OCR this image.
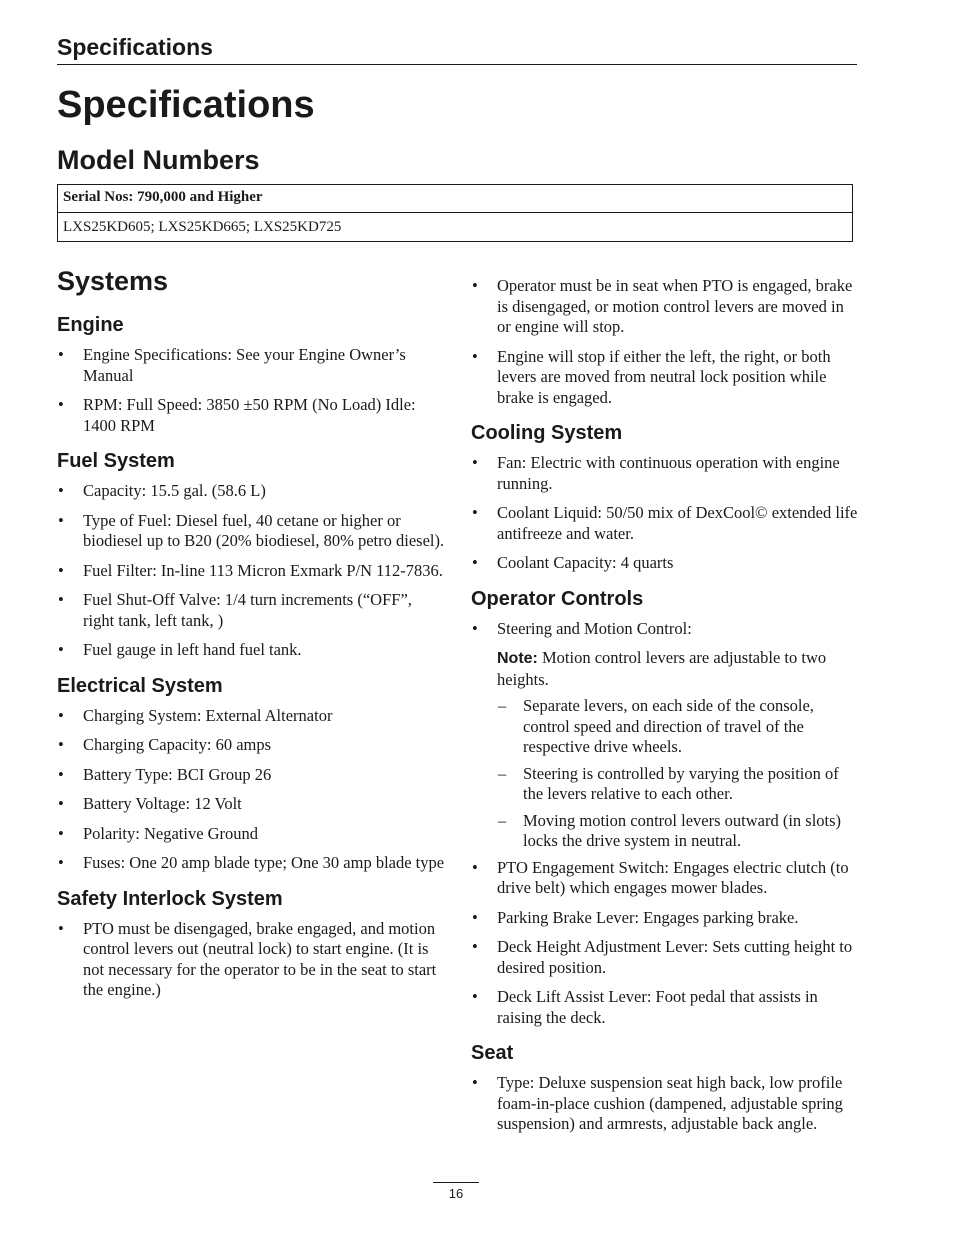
Specifications
Specifications
Model Numbers
Serial Nos: 790,000 and Higher
LXS25KD605; LXS25KD665; LXS25KD725
Systems
Engine
• Engine Specifications: See your Engine Owner’s Manual
• RPM: Full Speed: 3850 ±50 RPM (No Load) Idle: 1400 RPM
Fuel System
• Capacity: 15.5 gal. (58.6 L)
• Type of Fuel: Diesel fuel, 40 cetane or higher or biodiesel up to B20 (20% biodiesel, 80% petro diesel).
• Fuel Filter: In-line 113 Micron Exmark P/N 112-7836.
• Fuel Shut-Off Valve: 1/4 turn increments (“OFF”, right tank, left tank, )
• Fuel gauge in left hand fuel tank.
Electrical System
• Charging System: External Alternator
• Charging Capacity: 60 amps
• Battery Type: BCI Group 26
• Battery Voltage: 12 Volt
• Polarity: Negative Ground
• Fuses: One 20 amp blade type; One 30 amp blade type
Safety Interlock System
• PTO must be disengaged, brake engaged, and motion control levers out (neutral lock) to start engine. (It is not necessary for the operator to be in the seat to start the engine.)
• Operator must be in seat when PTO is engaged, brake is disengaged, or motion control levers are moved in or engine will stop.
• Engine will stop if either the left, the right, or both levers are moved from neutral lock position while brake is engaged.
Cooling System
• Fan: Electric with continuous operation with engine running.
• Coolant Liquid: 50/50 mix of DexCool© extended life antifreeze and water.
• Coolant Capacity: 4 quarts
Operator Controls
• Steering and Motion Control:

Note: Motion control levers are adjustable to two heights.

– Separate levers, on each side of the console, control speed and direction of travel of the respective drive wheels.
– Steering is controlled by varying the position of the levers relative to each other.
– Moving motion control levers outward (in slots) locks the drive system in neutral.
• PTO Engagement Switch: Engages electric clutch (to drive belt) which engages mower blades.
• Parking Brake Lever: Engages parking brake.
• Deck Height Adjustment Lever: Sets cutting height to desired position.
• Deck Lift Assist Lever: Foot pedal that assists in raising the deck.
Seat
• Type: Deluxe suspension seat high back, low profile foam-in-place cushion (dampened, adjustable spring suspension) and armrests, adjustable back angle.
16
